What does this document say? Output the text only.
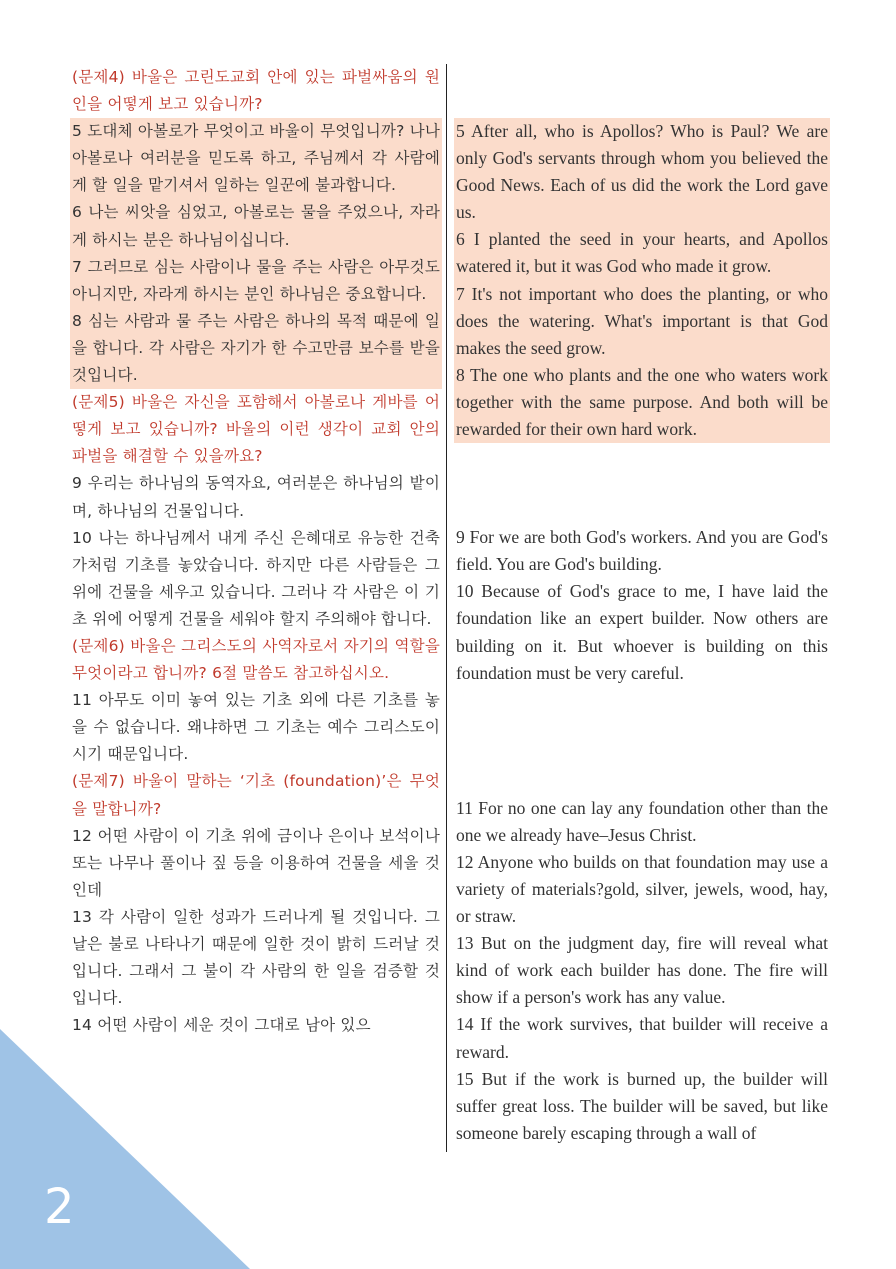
2
(문제4) 바울은 고린도교회 안에 있는 파벌싸움의 원인을 어떻게 보고 있습니까?
5 도대체 아볼로가 무엇이고 바울이 무엇입니까? 나나 아볼로나 여러분을 믿도록 하고, 주님께서 각 사람에게 할 일을 맡기셔서 일하는 일꾼에 불과합니다.
6 나는 씨앗을 심었고, 아볼로는 물을 주었으나, 자라게 하시는 분은 하나님이십니다.
7 그러므로 심는 사람이나 물을 주는 사람은 아무것도 아니지만, 자라게 하시는 분인 하나님은 중요합니다.
8 심는 사람과 물 주는 사람은 하나의 목적 때문에 일을 합니다. 각 사람은 자기가 한 수고만큼 보수를 받을 것입니다.
(문제5) 바울은 자신을 포함해서 아볼로나 게바를 어떻게 보고 있습니까? 바울의 이런 생각이 교회 안의 파벌을 해결할 수 있을까요?
9 우리는 하나님의 동역자요, 여러분은 하나님의 밭이며, 하나님의 건물입니다.
10 나는 하나님께서 내게 주신 은혜대로 유능한 건축가처럼 기초를 놓았습니다. 하지만 다른 사람들은 그 위에 건물을 세우고 있습니다. 그러나 각 사람은 이 기초 위에 어떻게 건물을 세워야 할지 주의해야 합니다.
(문제6) 바울은 그리스도의 사역자로서 자기의 역할을 무엇이라고 합니까? 6절 말씀도 참고하십시오.
11 아무도 이미 놓여 있는 기초 외에 다른 기초를 놓을 수 없습니다. 왜냐하면 그 기초는 예수 그리스도이시기 때문입니다.
(문제7) 바울이 말하는 ‘기초 (foundation)’은 무엇을 말합니까?
12 어떤 사람이 이 기초 위에 금이나 은이나 보석이나 또는 나무나 풀이나 짚 등을 이용하여 건물을 세울 것인데
13 각 사람이 일한 성과가 드러나게 될 것입니다. 그 날은 불로 나타나기 때문에 일한 것이 밝히 드러날 것입니다. 그래서 그 불이 각 사람의 한 일을 검증할 것입니다.
14 어떤 사람이 세운 것이 그대로 남아 있으
5 After all, who is Apollos? Who is Paul? We are only God's servants through whom you believed the Good News. Each of us did the work the Lord gave us.
6 I planted the seed in your hearts, and Apollos watered it, but it was God who made it grow.
7 It's not important who does the planting, or who does the watering. What's important is that God makes the seed grow.
8 The one who plants and the one who waters work together with the same purpose. And both will be rewarded for their own hard work.
9 For we are both God's workers. And you are God's field. You are God's building.
10 Because of God's grace to me, I have laid the foundation like an expert builder. Now others are building on it. But whoever is building on this foundation must be very careful.
11 For no one can lay any foundation other than the one we already have–Jesus Christ.
12 Anyone who builds on that foundation may use a variety of materials?gold, silver, jewels, wood, hay, or straw.
13 But on the judgment day, fire will reveal what kind of work each builder has done. The fire will show if a person's work has any value.
14 If the work survives, that builder will receive a reward.
15 But if the work is burned up, the builder will suffer great loss. The builder will be saved, but like someone barely escaping through a wall of
